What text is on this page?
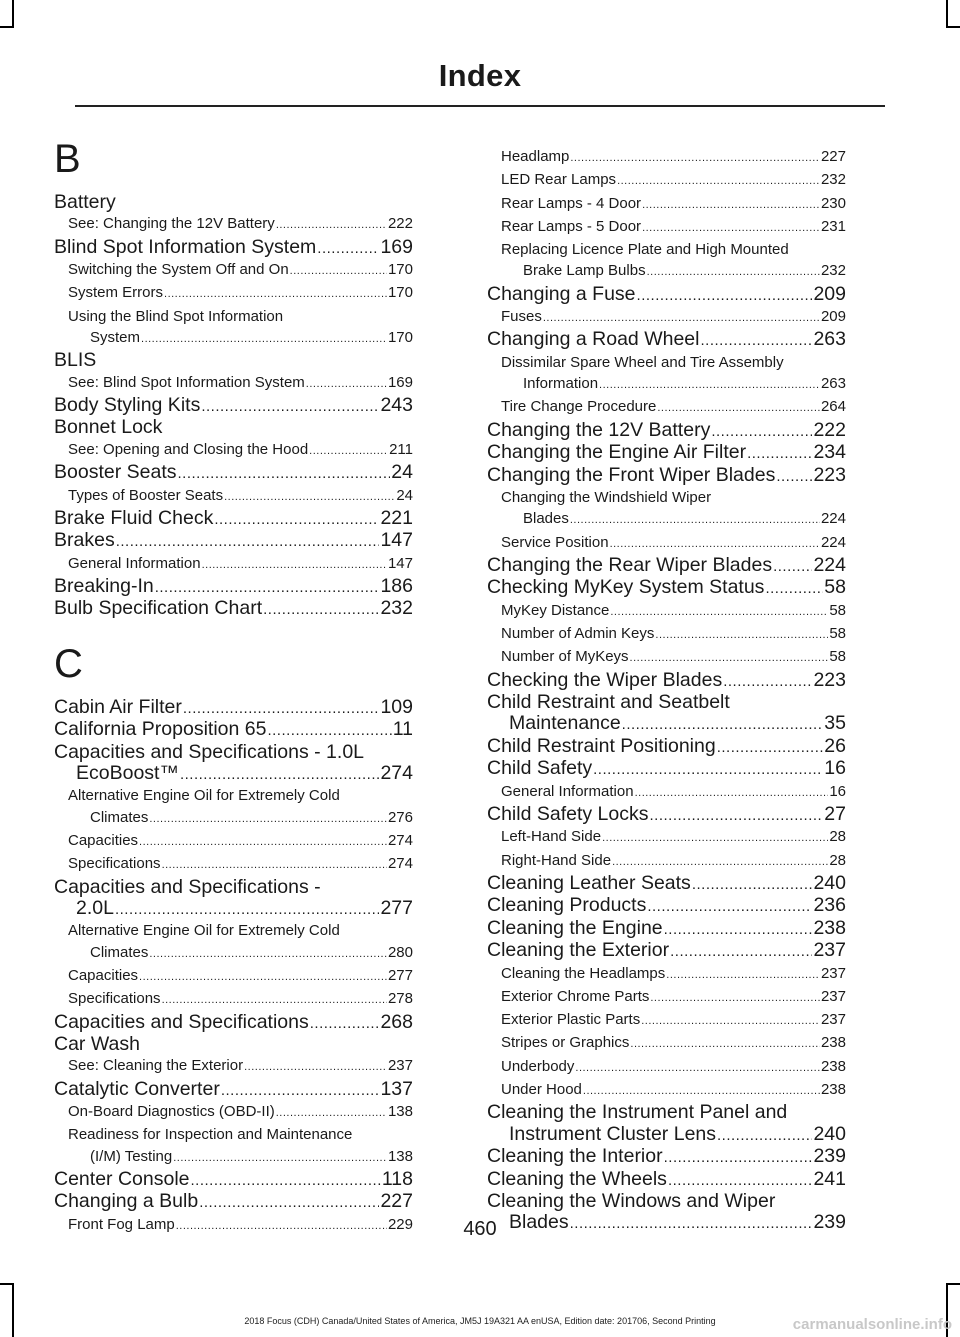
Index
B
Battery
See: Changing the 12V Battery .....	222
Blind Spot Information System .....	169
Switching the System Off and On .....	170
System Errors .....	170
Using the Blind Spot Information
System .....	170
BLIS
See: Blind Spot Information System .....	169
Body Styling Kits .....	243
Bonnet Lock
See: Opening and Closing the Hood .....	211
Booster Seats .....	24
Types of Booster Seats .....	24
Brake Fluid Check .....	221
Brakes .....	147
General Information .....	147
Breaking-In .....	186
Bulb Specification Chart .....	232
C
Cabin Air Filter .....	109
California Proposition 65 .....	11
Capacities and Specifications - 1.0L
EcoBoost™ .....	274
Alternative Engine Oil for Extremely Cold
Climates .....	276
Capacities .....	274
Specifications .....	274
Capacities and Specifications -
2.0L .....	277
Alternative Engine Oil for Extremely Cold
Climates .....	280
Capacities .....	277
Specifications .....	278
Capacities and Specifications .....	268
Car Wash
See: Cleaning the Exterior .....	237
Catalytic Converter .....	137
On-Board Diagnostics (OBD-II) .....	138
Readiness for Inspection and Maintenance
(I/M) Testing .....	138
Center Console .....	118
Changing a Bulb .....	227
Front Fog Lamp .....	229
Headlamp .....	227
LED Rear Lamps .....	232
Rear Lamps - 4 Door .....	230
Rear Lamps - 5 Door .....	231
Replacing Licence Plate and High Mounted
Brake Lamp Bulbs .....	232
Changing a Fuse .....	209
Fuses .....	209
Changing a Road Wheel .....	263
Dissimilar Spare Wheel and Tire Assembly
Information .....	263
Tire Change Procedure .....	264
Changing the 12V Battery .....	222
Changing the Engine Air Filter .....	234
Changing the Front Wiper Blades ..... 223
Changing the Windshield Wiper
Blades .....	224
Service Position .....	224
Changing the Rear Wiper Blades ..... 224
Checking MyKey System Status .....	58
MyKey Distance .....	58
Number of Admin Keys .....	58
Number of MyKeys .....	58
Checking the Wiper Blades .....	223
Child Restraint and Seatbelt
Maintenance .....	35
Child Restraint Positioning .....	26
Child Safety .....	16
General Information .....	16
Child Safety Locks .....	27
Left-Hand Side .....	28
Right-Hand Side .....	28
Cleaning Leather Seats .....	240
Cleaning Products .....	236
Cleaning the Engine .....	238
Cleaning the Exterior .....	237
Cleaning the Headlamps .....	237
Exterior Chrome Parts .....	237
Exterior Plastic Parts .....	237
Stripes or Graphics .....	238
Underbody .....	238
Under Hood .....	238
Cleaning the Instrument Panel and
Instrument Cluster Lens .....	240
Cleaning the Interior .....	239
Cleaning the Wheels .....	241
Cleaning the Windows and Wiper
Blades .....	239
460
2018 Focus (CDH) Canada/United States of America, JM5J 19A321 AA enUSA, Edition date: 201706, Second Printing	carmanualsonline.info
